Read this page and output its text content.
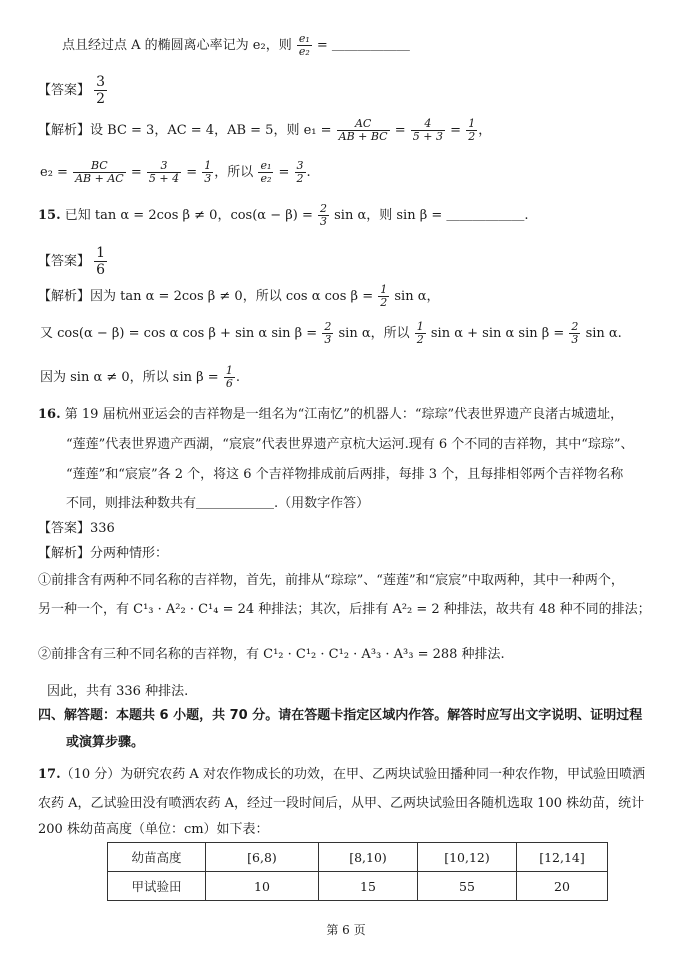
点且经过点 A 的椭圆离心率记为 e₂，则 $\frac{\text{e₁}}{\text{e₂}}$ = ＿＿＿＿＿＿
【答案】 $\frac{3}{2}$
【解析】设 BC = 3，AC = 4，AB = 5，则 $e_1 = \frac{AC}{AB + BC} = \frac{4}{5 + 3} = \frac{1}{2}$ ，
$e_2 = \frac{BC}{AB + AC} = \frac{3}{5 + 4} = \frac{1}{3}$ ，所以 $\frac{\text{e₁}}{\text{e₂}} = \frac{3}{2}$ .
15. 已知 tan α = 2cos β ≠ 0，$\cos(\alpha - \beta) = \frac{2}{3}$ sin α，则 sin β = ＿＿＿＿＿＿.
【答案】 $\frac{1}{6}$
【解析】因为 tan α = 2cos β ≠ 0，所以 cos α $\cos \beta = \frac{1}{2}$ sin α，
又 cos(α − β) = cos α cos β + sin α $\sin \beta = \frac{2}{3}$ sin α，所以 $\frac{1}{2}$ sin α + sin α $\sin \beta = \frac{2}{3}$ sin α.
因为 sin α ≠ 0，所以 $\sin \beta = \frac{1}{6}$ .
16. 第 19 届杭州亚运会的吉祥物是一组名为“江南忆”的机器人：“琮琮”代表世界遗产良渚古城遗址，
“莲莲”代表世界遗产西湖，“宸宸”代表世界遗产京杭大运河.现有 6 个不同的吉祥物，其中“琮琮”、
“莲莲”和“宸宸”各 2 个，将这 6 个吉祥物排成前后两排，每排 3 个，且每排相邻两个吉祥物名称
不同，则排法种数共有＿＿＿＿＿＿.（用数字作答）
【答案】336
【解析】分两种情形：
①前排含有两种不同名称的吉祥物，首先，前排从“琮琮”、“莲莲”和“宸宸”中取两种，其中一种两个，
另一种一个，有 C¹₃ · A²₂ · C¹₄ = 24 种排法；其次，后排有 A²₂ = 2 种排法，故共有 48 种不同的排法；
②前排含有三种不同名称的吉祥物，有 C¹₂ · C¹₂ · C¹₂ · A³₃ · A³₃ = 288 种排法.
因此，共有 336 种排法.
四、解答题：本题共 6 小题，共 70 分。请在答题卡指定区域内作答。解答时应写出文字说明、证明过程
或演算步骤。
17.（10 分）为研究农药 A 对农作物成长的功效，在甲、乙两块试验田播种同一种农作物，甲试验田喷洒
农药 A，乙试验田没有喷洒农药 A，经过一段时间后，从甲、乙两块试验田各随机选取 100 株幼苗，统计
200 株幼苗高度（单位：cm）如下表：
幼苗高度	[6,8)	[8,10)	[10,12)	[12,14]
甲试验田	10	15	55	20
第 6 页
